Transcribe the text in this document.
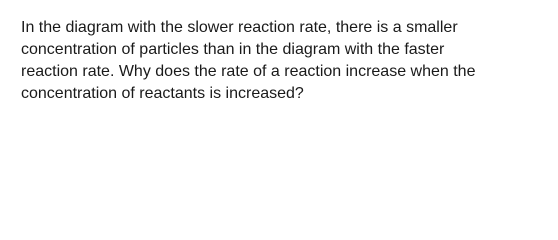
In the diagram with the slower reaction rate, there is a smaller
concentration of particles than in the diagram with the faster
reaction rate. Why does the rate of a reaction increase when the
concentration of reactants is increased?
